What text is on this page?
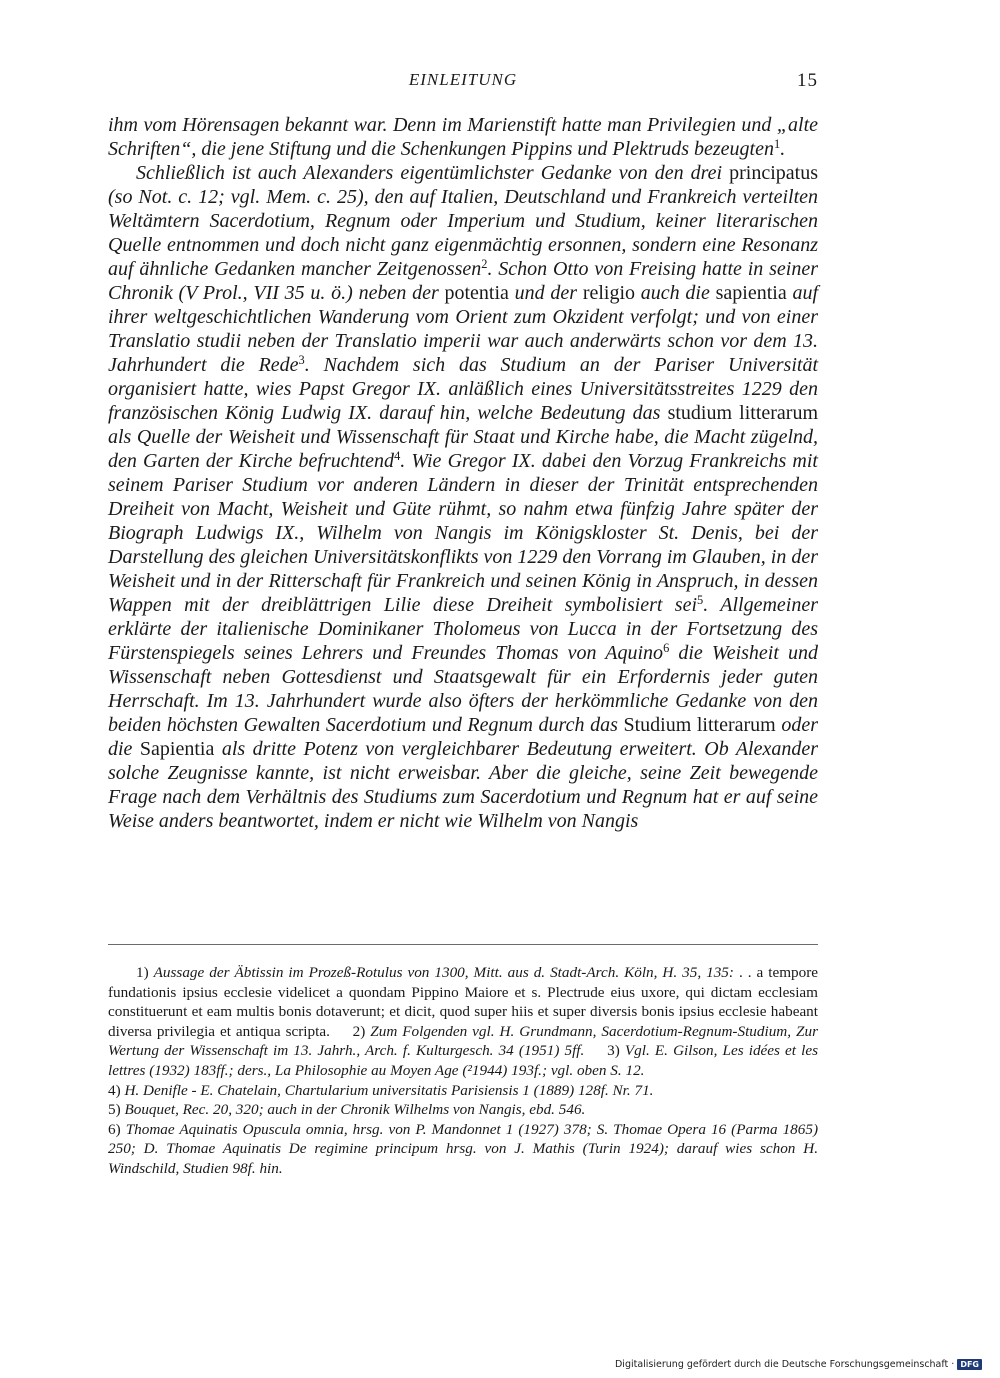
EINLEITUNG	15

ihm vom Hörensagen bekannt war. Denn im Marienstift hatte man Privilegien und „alte Schriften“, die jene Stiftung und die Schenkungen Pippins und Plektruds bezeugten$^1$.

Schließlich ist auch Alexanders eigentümlichster Gedanke von den drei principatus (so Not. c. 12; vgl. Mem. c. 25), den auf Italien, Deutschland und Frankreich verteilten Weltämtern Sacerdotium, Regnum oder Imperium und Studium, keiner literarischen Quelle entnommen und doch nicht ganz eigenmächtig ersonnen, sondern eine Resonanz auf ähnliche Gedanken mancher Zeitgenossen$^2$. Schon Otto von Freising hatte in seiner Chronik (V Prol., VII 35 u. ö.) neben der potentia und der religio auch die sapientia auf ihrer weltgeschichtlichen Wanderung vom Orient zum Okzident verfolgt; und von einer Translatio studii neben der Translatio imperii war auch anderwärts schon vor dem 13. Jahrhundert die Rede$^3$. Nachdem sich das Studium an der Pariser Universität organisiert hatte, wies Papst Gregor IX. anläßlich eines Universitätsstreites 1229 den französischen König Ludwig IX. darauf hin, welche Bedeutung das studium litterarum als Quelle der Weisheit und Wissenschaft für Staat und Kirche habe, die Macht zügelnd, den Garten der Kirche befruchtend$^4$. Wie Gregor IX. dabei den Vorzug Frankreichs mit seinem Pariser Studium vor anderen Ländern in dieser der Trinität entsprechenden Dreiheit von Macht, Weisheit und Güte rühmt, so nahm etwa fünfzig Jahre später der Biograph Ludwigs IX., Wilhelm von Nangis im Königskloster St. Denis, bei der Darstellung des gleichen Universitätskonflikts von 1229 den Vorrang im Glauben, in der Weisheit und in der Ritterschaft für Frankreich und seinen König in Anspruch, in dessen Wappen mit der dreiblättrigen Lilie diese Dreiheit symbolisiert sei$^5$. Allgemeiner erklärte der italienische Dominikaner Tholomeus von Lucca in der Fortsetzung des Fürstenspiegels seines Lehrers und Freundes Thomas von Aquino$^6$ die Weisheit und Wissenschaft neben Gottesdienst und Staatsgewalt für ein Erfordernis jeder guten Herrschaft. Im 13. Jahrhundert wurde also öfters der herkömmliche Gedanke von den beiden höchsten Gewalten Sacerdotium und Regnum durch das Studium litterarum oder die Sapientia als dritte Potenz von vergleichbarer Bedeutung erweitert. Ob Alexander solche Zeugnisse kannte, ist nicht erweisbar. Aber die gleiche, seine Zeit bewegende Frage nach dem Verhältnis des Studiums zum Sacerdotium und Regnum hat er auf seine Weise anders beantwortet, indem er nicht wie Wilhelm von Nangis

1) Aussage der Äbtissin im Prozeß-Rotulus von 1300, Mitt. aus d. Stadt-Arch. Köln, H. 35, 135: . . a tempore fundationis ipsius ecclesie videlicet a quondam Pippino Maiore et s. Plectrude eius uxore, qui dictam ecclesiam constituerunt et eam multis bonis dotaverunt; et dicit, quod super hiis et super diversis bonis ipsius ecclesie habeant diversa privilegia et antiqua scripta.   2) Zum Folgenden vgl. H. Grundmann, Sacerdotium-Regnum-Studium, Zur Wertung der Wissenschaft im 13. Jahrh., Arch. f. Kulturgesch. 34 (1951) 5ff.   3) Vgl. E. Gilson, Les idées et les lettres (1932) 183ff.; ders., La Philosophie au Moyen Age (²1944) 193f.; vgl. oben S. 12.

4) H. Denifle - E. Chatelain, Chartularium universitatis Parisiensis 1 (1889) 128f. Nr. 71.

5) Bouquet, Rec. 20, 320; auch in der Chronik Wilhelms von Nangis, ebd. 546.

6) Thomae Aquinatis Opuscula omnia, hrsg. von P. Mandonnet 1 (1927) 378; S. Thomae Opera 16 (Parma 1865) 250; D. Thomae Aquinatis De regimine principum hrsg. von J. Mathis (Turin 1924); darauf wies schon H. Windschild, Studien 98f. hin.

Digitalisierung gefördert durch die Deutsche Forschungsgemeinschaft · DFG
